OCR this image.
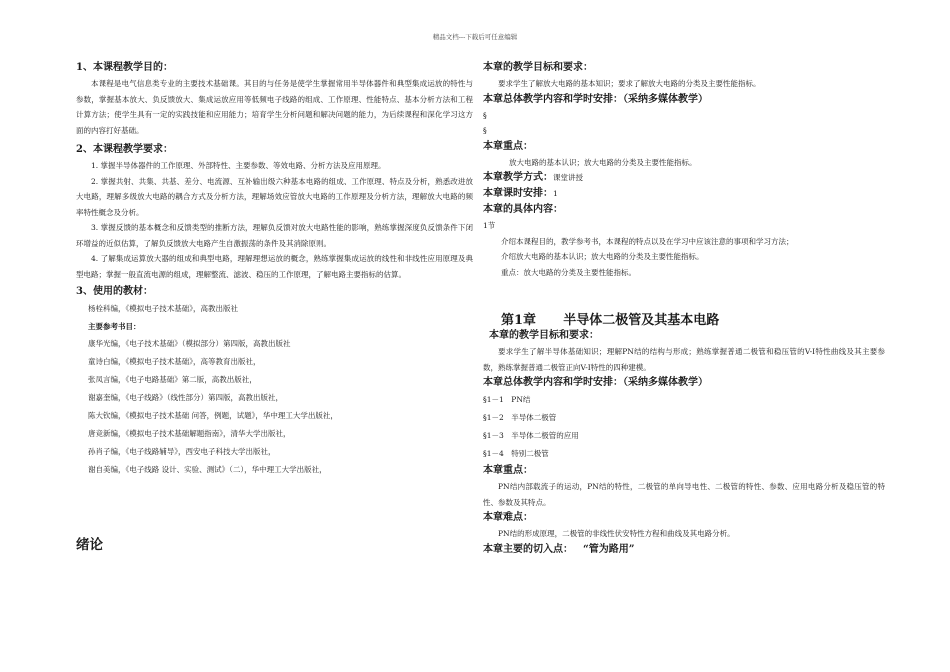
精品文档---下载后可任意编辑

1、本课程教学目的：

本课程是电气信息类专业的主要技术基础课。其目的与任务是使学生掌握常用半导体器件和典型集成运放的特性与参数，掌握基本放大、负反馈放大、集成运放应用等低频电子线路的组成、工作原理、性能特点、基本分析方法和工程计算方法；使学生具有一定的实践技能和应用能力；培育学生分析问题和解决问题的能力，为后续课程和深化学习这方面的内容打好基础。

2、本课程教学要求：

1. 掌握半导体器件的工作原理、外部特性、主要参数、等效电路、分析方法及应用原理。

2. 掌握共射、共集、共基、差分、电流源、互补输出级六种基本电路的组成、工作原理、特点及分析，熟悉改进放大电路，理解多级放大电路的耦合方式及分析方法，理解场效应管放大电路的工作原理及分析方法，理解放大电路的频率特性概念及分析。

3. 掌握反馈的基本概念和反馈类型的推断方法，理解负反馈对放大电路性能的影响，熟练掌握深度负反馈条件下闭环增益的近似估算，了解负反馈放大电路产生自激振荡的条件及其消除原则。

4. 了解集成运算放大器的组成和典型电路，理解理想运放的概念，熟练掌握集成运放的线性和非线性应用原理及典型电路；掌握一般直流电源的组成，理解整流、滤波、稳压的工作原理，了解电路主要指标的估算。

3、使用的教材：

杨栓科编，《模拟电子技术基础》，高教出版社

主要参考书目：

康华光编，《电子技术基础》（模拟部分）第四版，高教出版社

童诗白编，《模拟电子技术基础》，高等教育出版社，

张凤言编，《电子电路基础》第二版，高教出版社，

谢嘉奎编，《电子线路》（线性部分）第四版，高教出版社，

陈大钦编，《模拟电子技术基础 问答，例题，试题》，华中理工大学出版社，

唐竞新编，《模拟电子技术基础解题指南》，清华大学出版社，

孙肖子编，《电子线路辅导》，西安电子科技大学出版社，

谢自美编，《电子线路 设计、实验、测试》（二），华中理工大学出版社，

绪论

本章的教学目标和要求：

要求学生了解放大电路的基本知识；要求了解放大电路的分类及主要性能指标。

本章总体教学内容和学时安排：（采纳多媒体教学）

§

§

本章重点：

放大电路的基本认识；放大电路的分类及主要性能指标。

本章教学方式：课堂讲授

本章课时安排：1

本章的具体内容：

1节

介绍本课程目的，教学参考书，本课程的特点以及在学习中应该注意的事项和学习方法；

介绍放大电路的基本认识；放大电路的分类及主要性能指标。

重点：放大电路的分类及主要性能指标。

第1章 半导体二极管及其基本电路

本章的教学目标和要求：

要求学生了解半导体基础知识；理解PN结的结构与形成；熟练掌握普通二极管和稳压管的V-I特性曲线及其主要参数，熟练掌握普通二极管正向V-I特性的四种建模。

本章总体教学内容和学时安排：（采纳多媒体教学）

§1－1　PN结

§1－2　半导体二极管

§1－3　半导体二极管的应用

§1－4　特别二极管

本章重点：

PN结内部载流子的运动，PN结的特性，二极管的单向导电性、二极管的特性、参数、应用电路分析及稳压管的特性、参数及其特点。

本章难点：

PN结的形成原理，二极管的非线性伏安特性方程和曲线及其电路分析。

本章主要的切入点： “管为路用”
